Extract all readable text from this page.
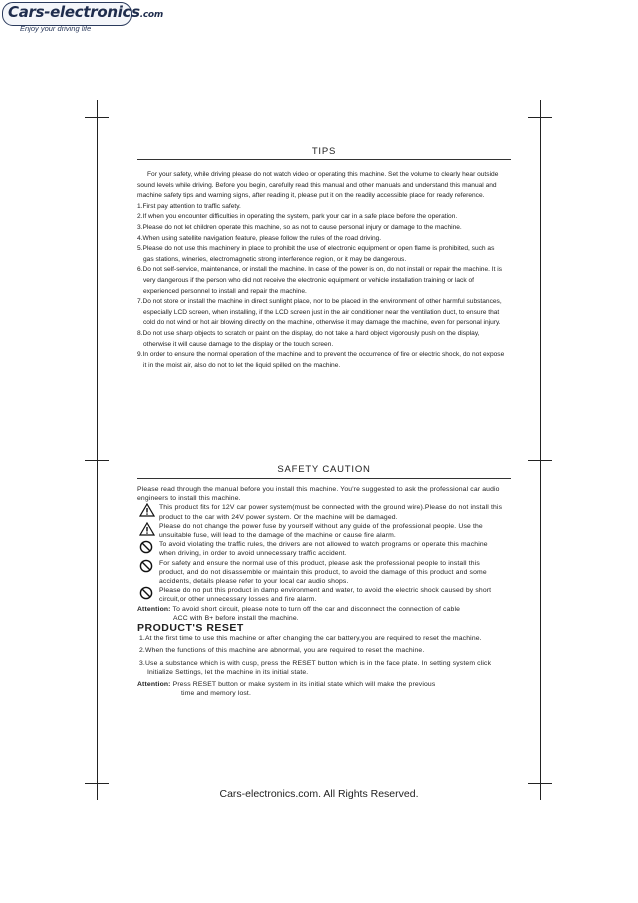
Cars-electronics.com
Enjoy your driving life
TIPS

For your safety, while driving please do not watch video or operating this machine. Set the volume to clearly hear outside sound levels while driving. Before you begin, carefully read this manual and other manuals and understand this manual and machine safety tips and warning signs, after reading it, please put it on the readily accessible place for ready reference.

1.First pay attention to traffic safety.

2.If when you encounter difficulties in operating the system, park your car in a safe place before the operation.

3.Please do not let children operate this machine, so as not to cause personal injury or damage to the machine.

4.When using satellite navigation feature, please follow the rules of the road driving.

5.Please do not use this machinery in place to prohibit the use of electronic equipment or open flame is prohibited, such as gas stations, wineries, electromagnetic strong interference region, or it may be dangerous.

6.Do not self-service, maintenance, or install the machine. In case of the power is on, do not install or repair the machine. It is very dangerous if the person who did not receive the electronic equipment or vehicle installation training or lack of experienced personnel to install and repair the machine.

7.Do not store or install the machine in direct sunlight place, nor to be placed in the environment of other harmful substances, especially LCD screen, when installing, if the LCD screen just in the air conditioner near the ventilation duct, to ensure that cold do not wind or hot air blowing directly on the machine, otherwise it may damage the machine, even for personal injury.

8.Do not use sharp objects to scratch or paint on the display, do not take a hard object vigorously push on the display, otherwise it will cause damage to the display or the touch screen.

9.In order to ensure the normal operation of the machine and to prevent the occurrence of fire or electric shock, do not expose it in the moist air, also do not to let the liquid spilled on the machine.

SAFETY CAUTION

Please read through the manual before you install this machine. You're suggested to ask the professional car audio engineers to install this machine.

This product fits for 12V car power system(must be connected with the ground wire).Please do not install this product to the car with 24V power system. Or the machine will be damaged.

Please do not change the power fuse by yourself without any guide of the professional people. Use the unsuitable fuse, will lead to the damage of the machine or cause fire alarm.

To avoid violating the traffic rules, the drivers are not allowed to watch programs or operate this machine when driving, in order to avoid unnecessary traffic accident.

For safety and ensure the normal use of this product, please ask the professional people to install this product, and do not disassemble or maintain this product, to avoid the damage of this product and some accidents, details please refer to your local car audio shops.

Please do no put this product in damp environment and water, to avoid the electric shock caused by short circuit,or other unnecessary losses and fire alarm.

Attention: To avoid short circuit, please note to turn off the car and disconnect the connection of cable

ACC with B+ before install the machine.

PRODUCT'S RESET

1.At the first time to use this machine or after changing the car battery,you are required to reset the machine.

2.When the functions of this machine are abnormal, you are required to reset the machine.

3.Use a substance which is with cusp, press the RESET button which is in the face plate. In setting system click Initialize Settings, let the machine in its initial state.

Attention: Press RESET button or make system in its initial state which will make the previous

time and memory lost.

Cars-electronics.com. All Rights Reserved.
